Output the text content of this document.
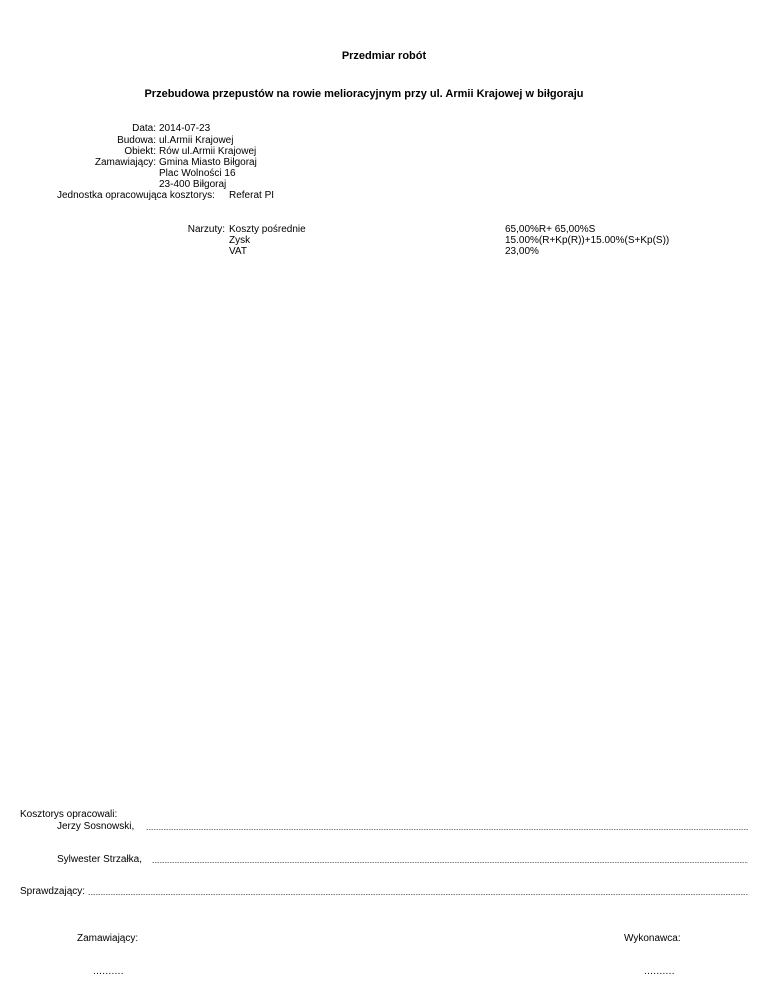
Przedmiar robót
Przebudowa przepustów na rowie melioracyjnym przy ul. Armii Krajowej w biłgoraju
Data: 2014-07-23
Budowa: ul.Armii Krajowej
Obiekt: Rów ul.Armii Krajowej
Zamawiający: Gmina Miasto Biłgoraj
Plac Wolności 16
23-400 Biłgoraj
Jednostka opracowująca kosztorys: Referat PI
Narzuty: Koszty pośrednie	65,00%R+ 65,00%S
Zysk	15.00%(R+Kp(R))+15.00%(S+Kp(S))
VAT	23,00%
Kosztorys opracowali:
Jerzy Sosnowski,
Sylwester Strzałka,
Sprawdzający:
Zamawiający:	Wykonawca:
..........	..........
